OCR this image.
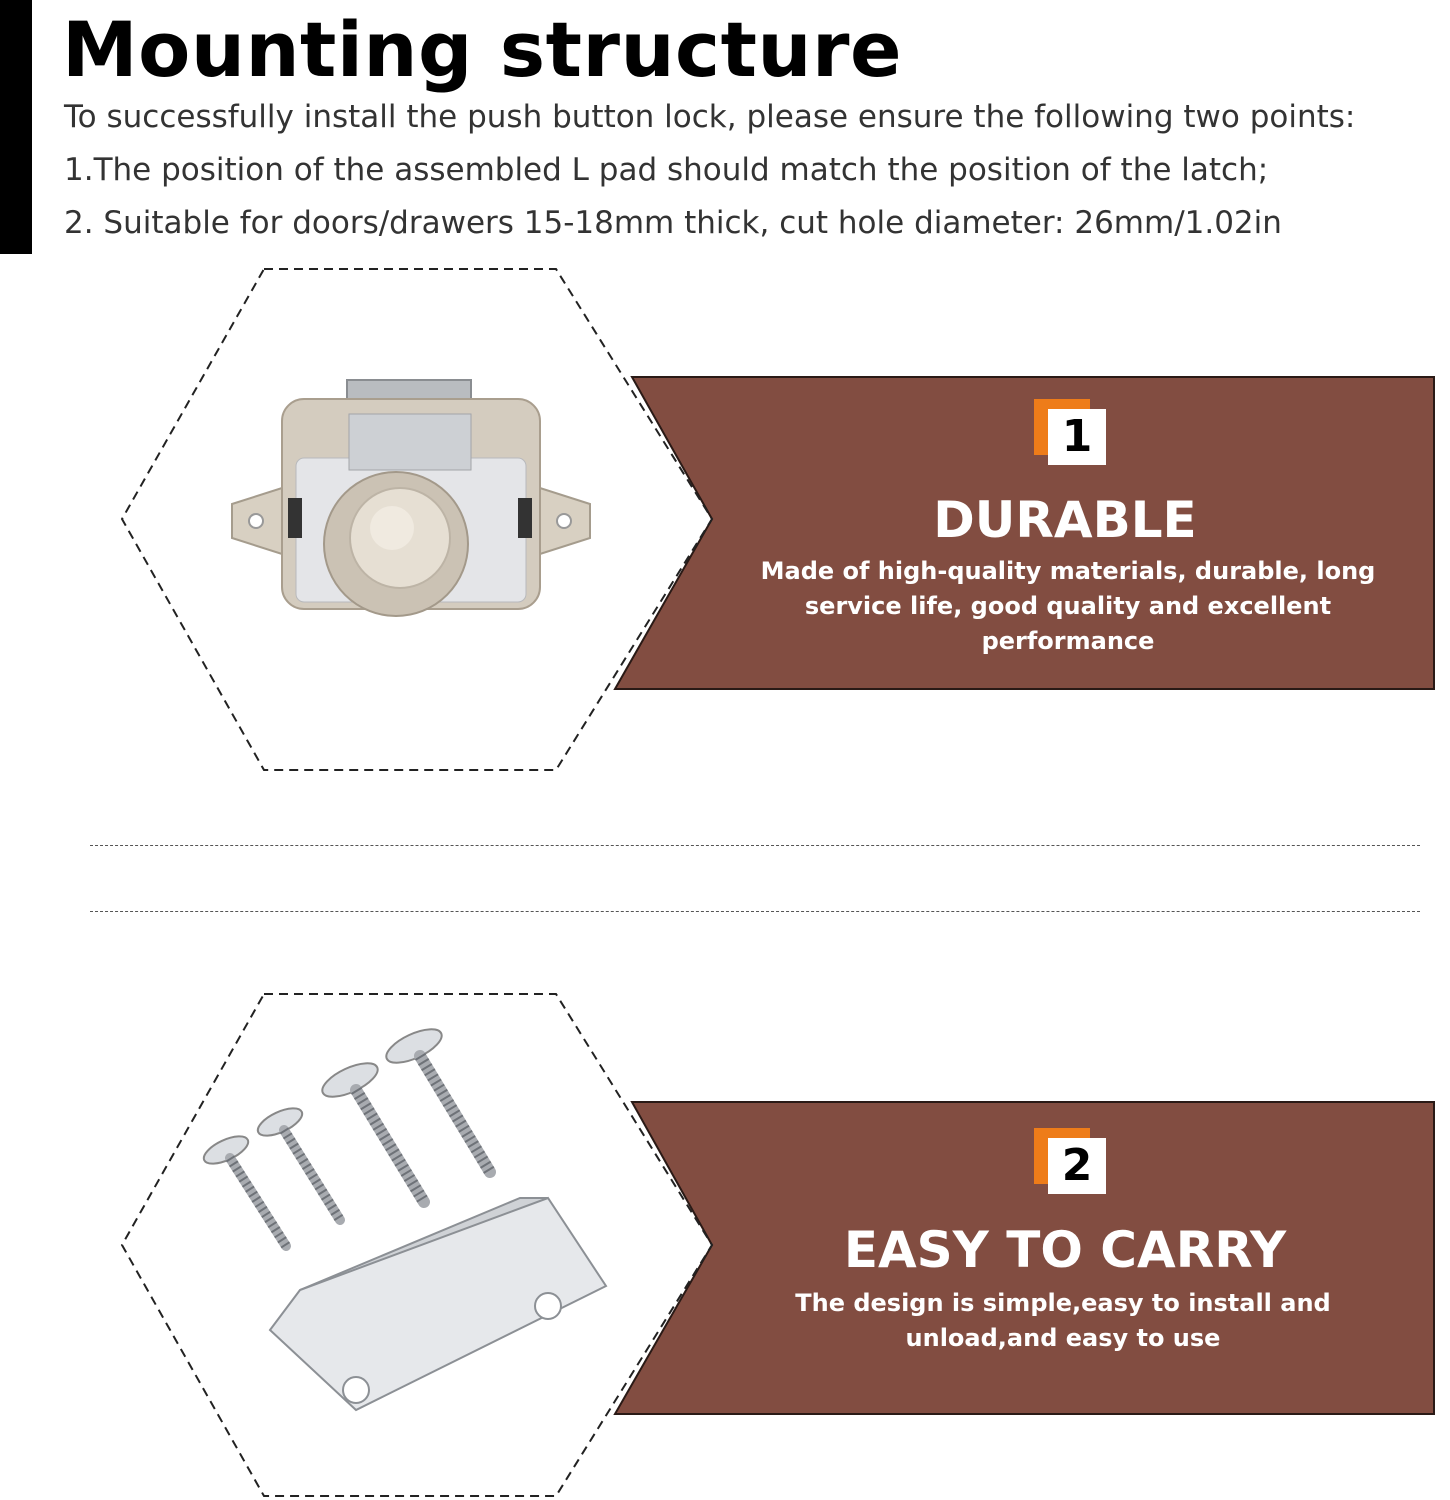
Mounting structure

To successfully install the push button lock, please ensure the following two points:

1.The position of the assembled L pad should match the position of the latch;

2. Suitable for doors/drawers 15-18mm thick, cut hole diameter: 26mm/1.02in

1
DURABLE

Made of high-quality materials, durable, long
service life, good quality and excellent
performance

2
EASY TO CARRY

The design is simple,easy to install and
unload,and easy to use
